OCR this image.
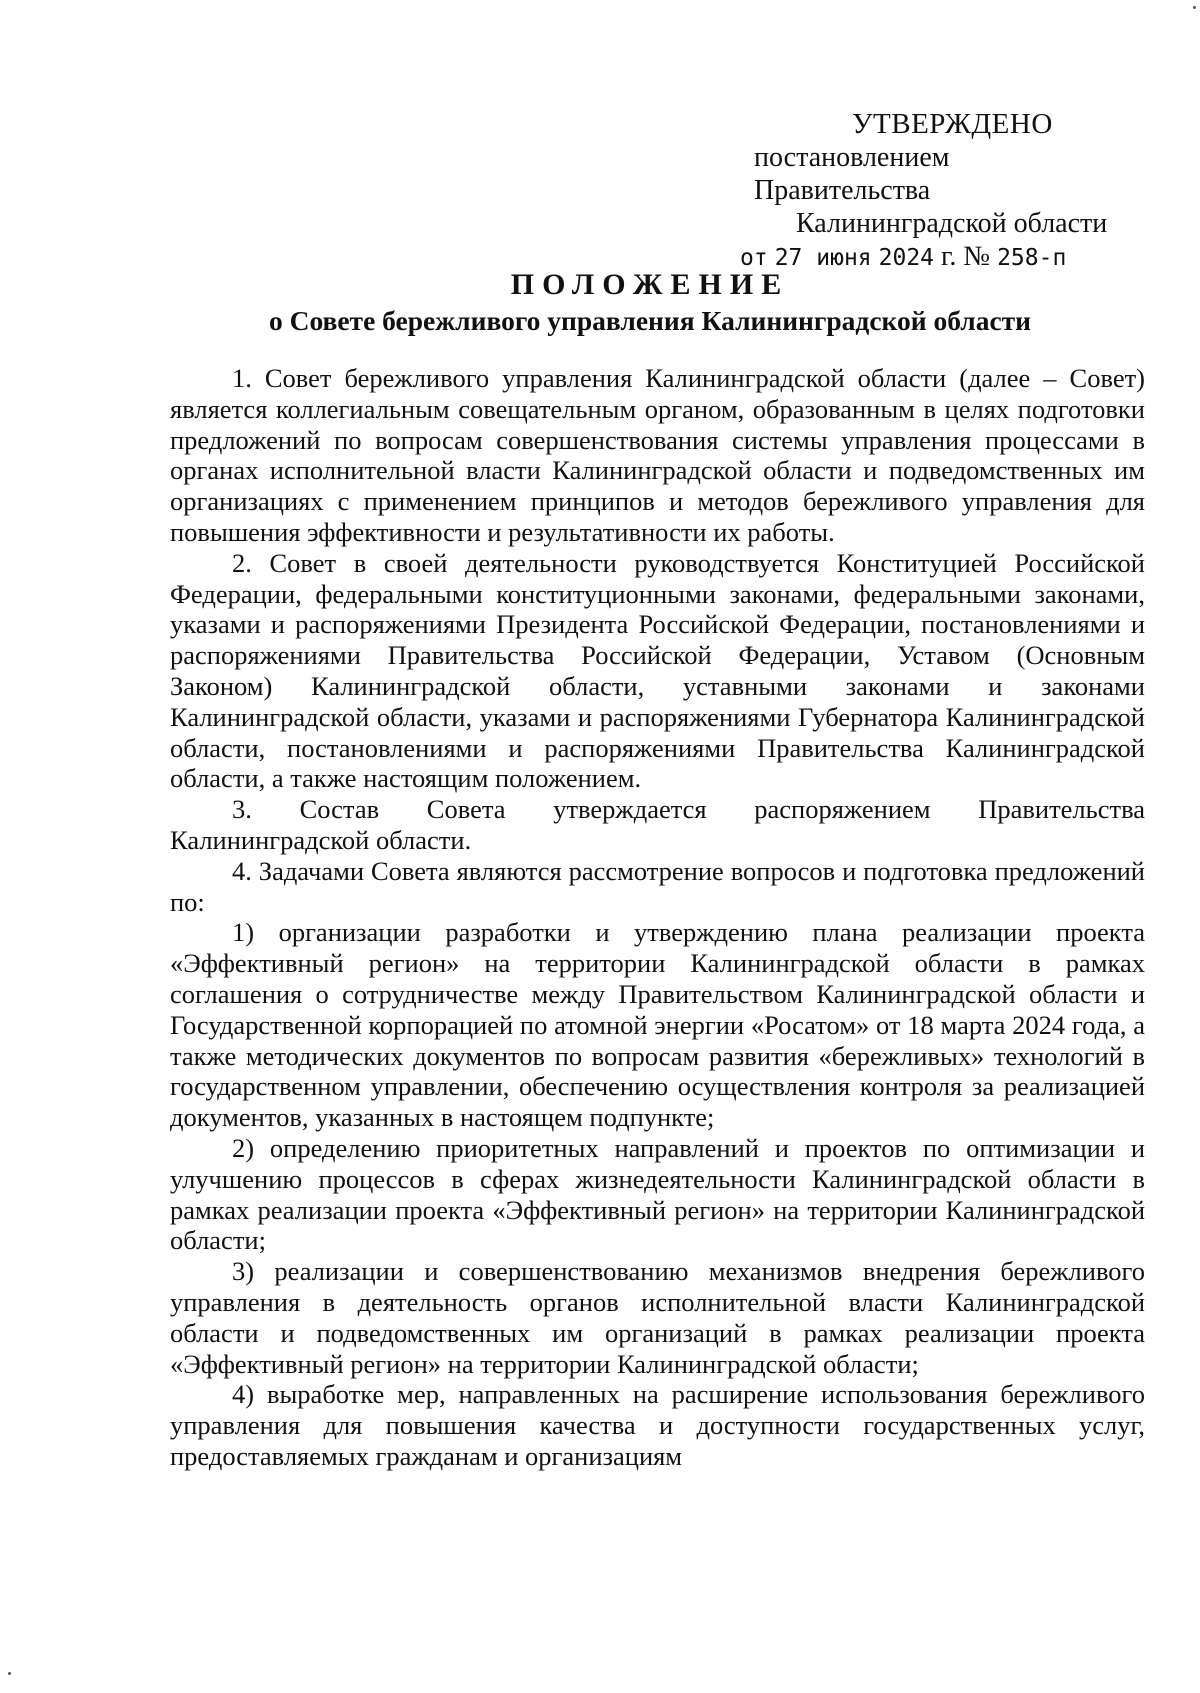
УТВЕРЖДЕНО
постановлением Правительства
Калининградской области
от 27 июня 2024 г. № 258-п
ПОЛОЖЕНИЕ
о Совете бережливого управления Калининградской области

1. Совет бережливого управления Калининградской области (далее – Совет) является коллегиальным совещательным органом, образованным в целях подготовки предложений по вопросам совершенствования системы управления процессами в органах исполнительной власти Калининградской области и подведомственных им организациях с применением принципов и методов бережливого управления для повышения эффективности и результативности их работы.

2. Совет в своей деятельности руководствуется Конституцией Российской Федерации, федеральными конституционными законами, федеральными законами, указами и распоряжениями Президента Российской Федерации, постановлениями и распоряжениями Правительства Российской Федерации, Уставом (Основным Законом) Калининградской области, уставными законами и законами Калининградской области, указами и распоряжениями Губернатора Калининградской области, постановлениями и распоряжениями Правительства Калининградской области, а также настоящим положением.

3. Состав Совета утверждается распоряжением Правительства Калининградской области.

4. Задачами Совета являются рассмотрение вопросов и подготовка предложений по:

1) организации разработки и утверждению плана реализации проекта «Эффективный регион» на территории Калининградской области в рамках соглашения о сотрудничестве между Правительством Калининградской области и Государственной корпорацией по атомной энергии «Росатом» от 18 марта 2024 года, а также методических документов по вопросам развития «бережливых» технологий в государственном управлении, обеспечению осуществления контроля за реализацией документов, указанных в настоящем подпункте;

2) определению приоритетных направлений и проектов по оптимизации и улучшению процессов в сферах жизнедеятельности Калининградской области в рамках реализации проекта «Эффективный регион» на территории Калининградской области;

3) реализации и совершенствованию механизмов внедрения бережливого управления в деятельность органов исполнительной власти Калининградской области и подведомственных им организаций в рамках реализации проекта «Эффективный регион» на территории Калининградской области;

4) выработке мер, направленных на расширение использования бережливого управления для повышения качества и доступности государственных услуг, предоставляемых гражданам и организациям
